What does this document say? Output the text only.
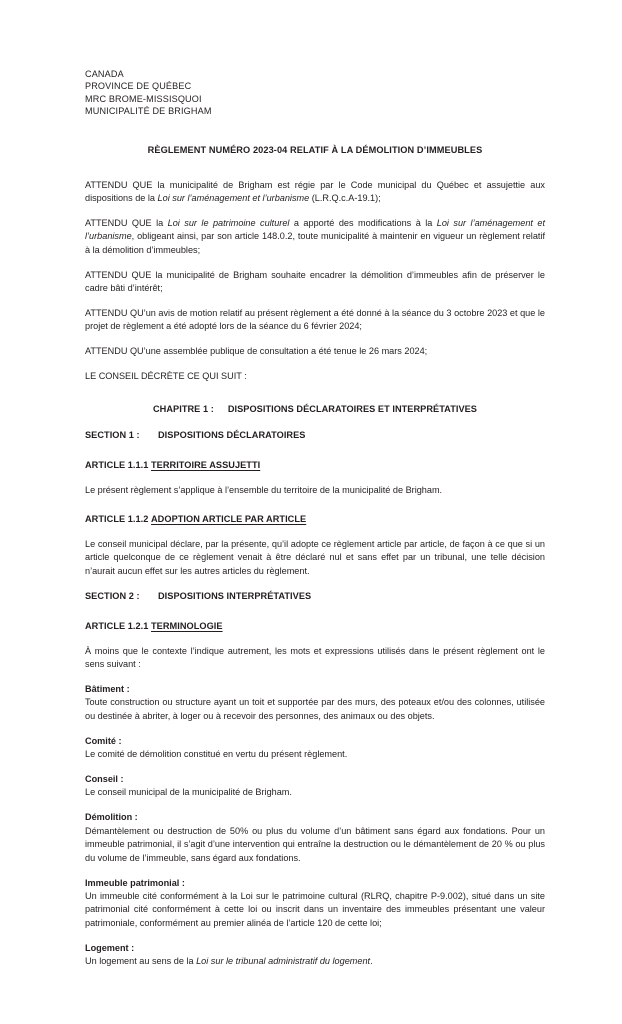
CANADA
PROVINCE DE QUÉBEC
MRC BROME-MISSISQUOI
MUNICIPALITÉ DE BRIGHAM
RÈGLEMENT NUMÉRO 2023-04 RELATIF À LA DÉMOLITION D’IMMEUBLES

ATTENDU QUE la municipalité de Brigham est régie par le Code municipal du Québec et assujettie aux dispositions de la Loi sur l’aménagement et l’urbanisme (L.R.Q.c.A-19.1);

ATTENDU QUE la Loi sur le patrimoine culturel a apporté des modifications à la Loi sur l’aménagement et l’urbanisme, obligeant ainsi, par son article 148.0.2, toute municipalité à maintenir en vigueur un règlement relatif à la démolition d’immeubles;

ATTENDU QUE la municipalité de Brigham souhaite encadrer la démolition d’immeubles afin de préserver le cadre bâti d’intérêt;

ATTENDU QU’un avis de motion relatif au présent règlement a été donné à la séance du 3 octobre 2023 et que le projet de règlement a été adopté lors de la séance du 6 février 2024;

ATTENDU QU’une assemblée publique de consultation a été tenue le 26 mars 2024;

LE CONSEIL DÉCRÈTE CE QUI SUIT :

CHAPITRE 1 : DISPOSITIONS DÉCLARATOIRES ET INTERPRÉTATIVES
SECTION 1 : DISPOSITIONS DÉCLARATOIRES
ARTICLE 1.1.1 TERRITOIRE ASSUJETTI

Le présent règlement s’applique à l’ensemble du territoire de la municipalité de Brigham.

ARTICLE 1.1.2 ADOPTION ARTICLE PAR ARTICLE

Le conseil municipal déclare, par la présente, qu’il adopte ce règlement article par article, de façon à ce que si un article quelconque de ce règlement venait à être déclaré nul et sans effet par un tribunal, une telle décision n’aurait aucun effet sur les autres articles du règlement.

SECTION 2 : DISPOSITIONS INTERPRÉTATIVES
ARTICLE 1.2.1 TERMINOLOGIE

À moins que le contexte l’indique autrement, les mots et expressions utilisés dans le présent règlement ont le sens suivant :

Bâtiment :

Toute construction ou structure ayant un toit et supportée par des murs, des poteaux et/ou des colonnes, utilisée ou destinée à abriter, à loger ou à recevoir des personnes, des animaux ou des objets.

Comité :

Le comité de démolition constitué en vertu du présent règlement.

Conseil :

Le conseil municipal de la municipalité de Brigham.

Démolition :

Démantèlement ou destruction de 50% ou plus du volume d’un bâtiment sans égard aux fondations. Pour un immeuble patrimonial, il s’agit d’une intervention qui entraîne la destruction ou le démantèlement de 20 % ou plus du volume de l’immeuble, sans égard aux fondations.

Immeuble patrimonial :

Un immeuble cité conformément à la Loi sur le patrimoine cultural (RLRQ, chapitre P-9.002), situé dans un site patrimonial cité conformément à cette loi ou inscrit dans un inventaire des immeubles présentant une valeur patrimoniale, conformément au premier alinéa de l’article 120 de cette loi;

Logement :

Un logement au sens de la Loi sur le tribunal administratif du logement.
